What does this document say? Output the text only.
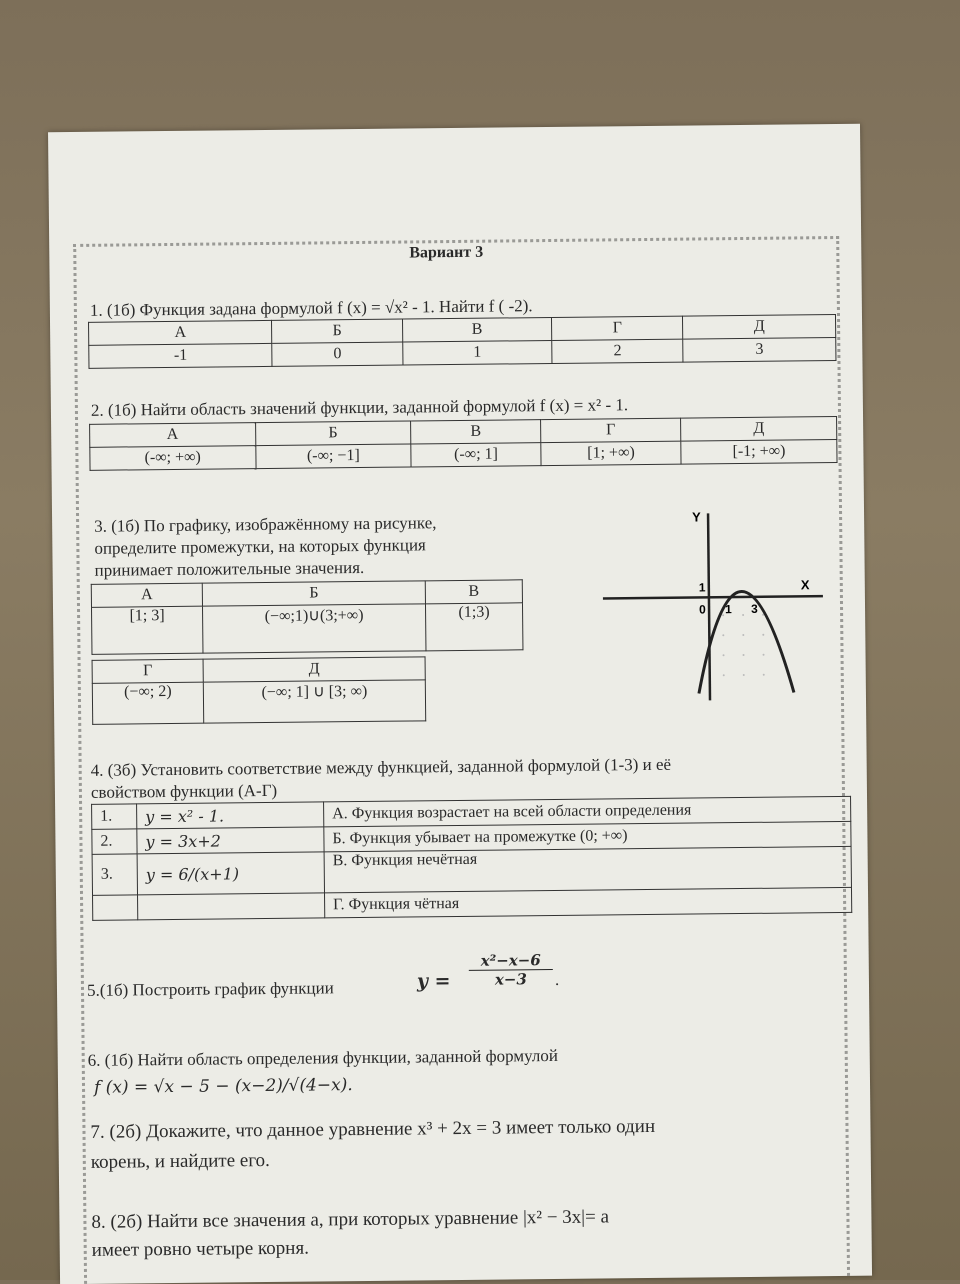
Вариант 3
1. (1б) Функция задана формулой f (x) = √x² - 1. Найти f ( -2).
А	Б	В	Г	Д
-1	0	1	2	3
2. (1б) Найти область значений функции, заданной формулой f (x) = x² - 1.
А	Б	В	Г	Д
(-∞; +∞)	(-∞; −1]	(-∞; 1]	[1; +∞)	[-1; +∞)
3. (1б) По графику, изображённому на рисунке,
определите промежутки, на которых функция
принимает положительные значения.
А	Б	В
[1; 3]	(−∞;1)∪(3;+∞)	(1;3)
Г	Д
(−∞; 2)	(−∞; 1] ∪ [3; ∞)
Y
X
1
0 1 3
4. (3б) Установить соответствие между функцией, заданной формулой (1-3) и её
свойством функции (А-Г)
1.	y = x² - 1.	А. Функция возрастает на всей области определения
2.	y = 3x+2	Б. Функция убывает на промежутке (0; +∞)
3.	y = 6/(x+1)	В. Функция нечётная
		Г. Функция чётная
5.(1б) Построить график функции	$y = \frac{\text{x²−x−6}}{x-3}$ .
6. (1б) Найти область определения функции, заданной формулой
f (x) = √x − 5 − (x−2)/√(4−x).
7. (2б) Докажите, что данное уравнение x³ + 2x = 3 имеет только один
корень, и найдите его.
8. (2б) Найти все значения a, при которых уравнение |x² − 3x|= a
имеет ровно четыре корня.
